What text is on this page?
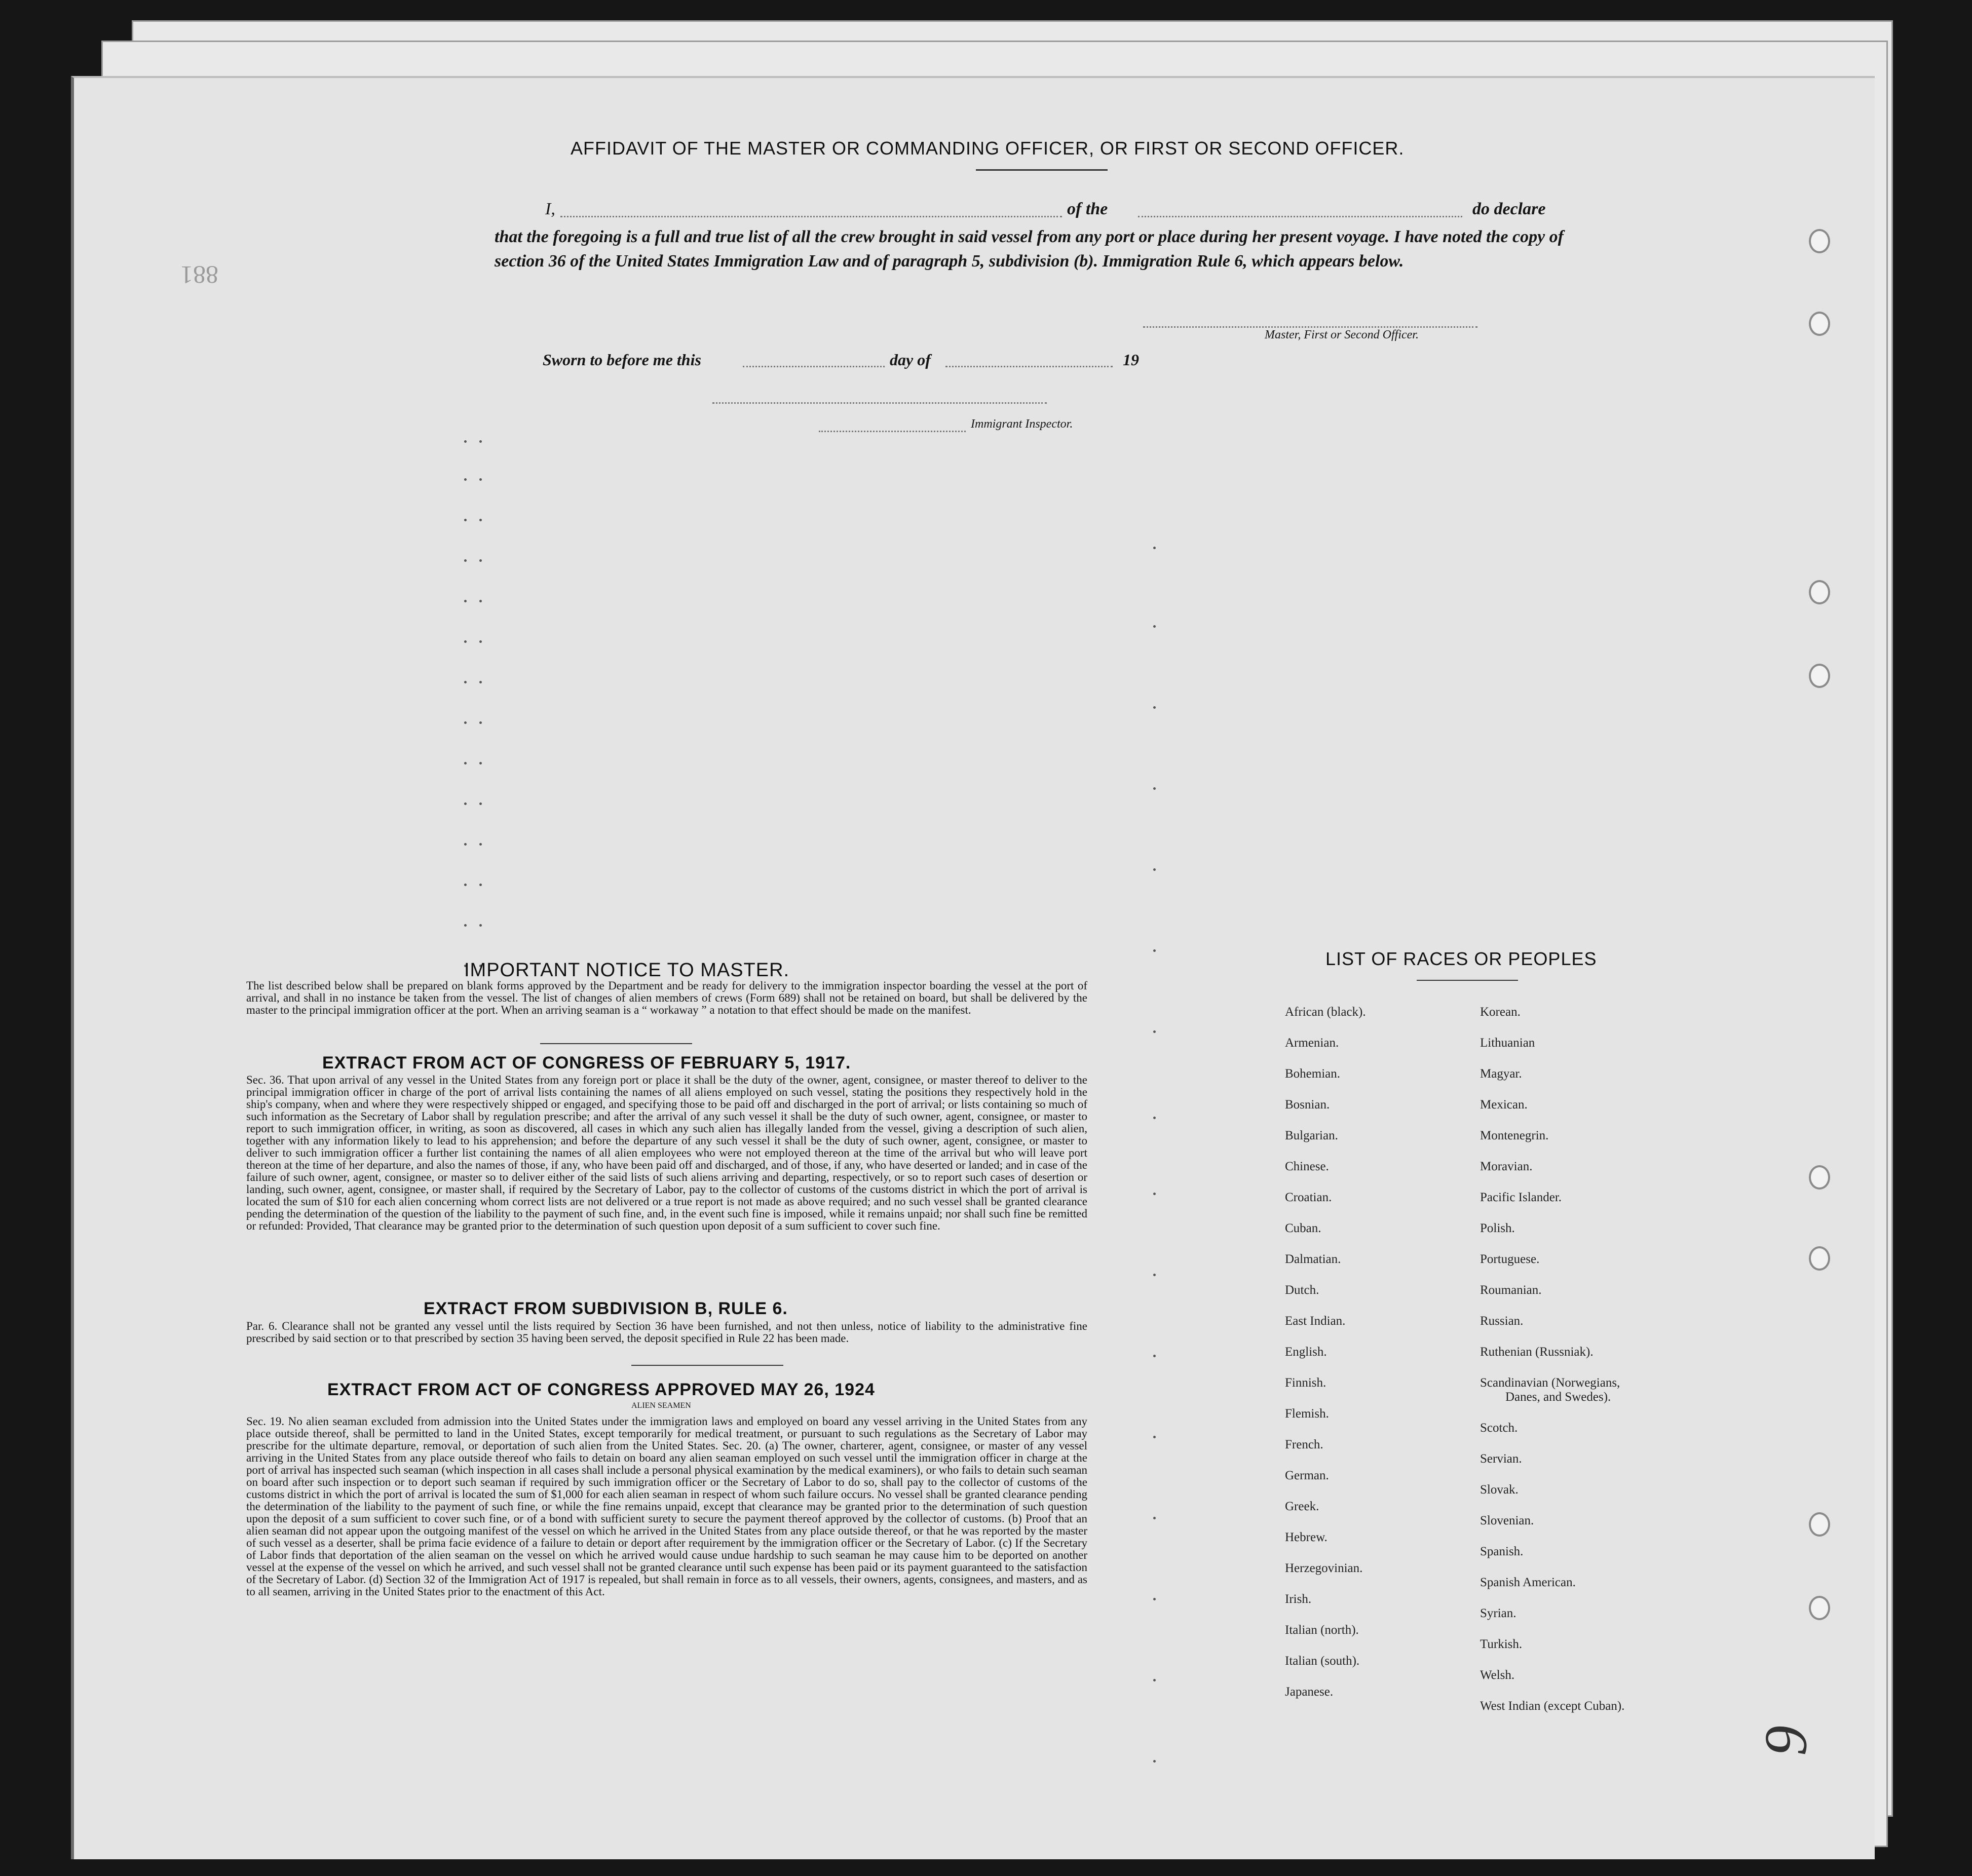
881
AFFIDAVIT OF THE MASTER OR COMMANDING OFFICER, OR FIRST OR SECOND OFFICER.
I,	of the	do declare
that the foregoing is a full and true list of all the crew brought in said vessel from any port or place during her present voyage. I have noted the copy of section 36 of the United States Immigration Law and of paragraph 5, subdivision (b). Immigration Rule 6, which appears below.
Master, First or Second Officer.
Sworn to before me this	day of	19
Immigrant Inspector.
IMPORTANT NOTICE TO MASTER.
The list described below shall be prepared on blank forms approved by the Department and be ready for delivery to the immigration inspector boarding the vessel at the port of arrival, and shall in no instance be taken from the vessel. The list of changes of alien members of crews (Form 689) shall not be retained on board, but shall be delivered by the master to the principal immigration officer at the port. When an arriving seaman is a “ workaway ” a notation to that effect should be made on the manifest.
EXTRACT FROM ACT OF CONGRESS OF FEBRUARY 5, 1917.
Sec. 36. That upon arrival of any vessel in the United States from any foreign port or place it shall be the duty of the owner, agent, consignee, or master thereof to deliver to the principal immigration officer in charge of the port of arrival lists containing the names of all aliens employed on such vessel, stating the positions they respectively hold in the ship's company, when and where they were respectively shipped or engaged, and specifying those to be paid off and discharged in the port of arrival; or lists containing so much of such information as the Secretary of Labor shall by regulation prescribe; and after the arrival of any such vessel it shall be the duty of such owner, agent, consignee, or master to report to such immigration officer, in writing, as soon as discovered, all cases in which any such alien has illegally landed from the vessel, giving a description of such alien, together with any information likely to lead to his apprehension; and before the departure of any such vessel it shall be the duty of such owner, agent, consignee, or master to deliver to such immigration officer a further list containing the names of all alien employees who were not employed thereon at the time of the arrival but who will leave port thereon at the time of her departure, and also the names of those, if any, who have been paid off and discharged, and of those, if any, who have deserted or landed; and in case of the failure of such owner, agent, consignee, or master so to deliver either of the said lists of such aliens arriving and departing, respectively, or so to report such cases of desertion or landing, such owner, agent, consignee, or master shall, if required by the Secretary of Labor, pay to the collector of customs of the customs district in which the port of arrival is located the sum of $10 for each alien concerning whom correct lists are not delivered or a true report is not made as above required; and no such vessel shall be granted clearance pending the determination of the question of the liability to the payment of such fine, and, in the event such fine is imposed, while it remains unpaid; nor shall such fine be remitted or refunded: Provided, That clearance may be granted prior to the determination of such question upon deposit of a sum sufficient to cover such fine.
EXTRACT FROM SUBDIVISION B, RULE 6.
Par. 6. Clearance shall not be granted any vessel until the lists required by Section 36 have been furnished, and not then unless, notice of liability to the administrative fine prescribed by said section or to that prescribed by section 35 having been served, the deposit specified in Rule 22 has been made.
EXTRACT FROM ACT OF CONGRESS APPROVED MAY 26, 1924
ALIEN SEAMEN
Sec. 19. No alien seaman excluded from admission into the United States under the immigration laws and employed on board any vessel arriving in the United States from any place outside thereof, shall be permitted to land in the United States, except temporarily for medical treatment, or pursuant to such regulations as the Secretary of Labor may prescribe for the ultimate departure, removal, or deportation of such alien from the United States. Sec. 20. (a) The owner, charterer, agent, consignee, or master of any vessel arriving in the United States from any place outside thereof who fails to detain on board any alien seaman employed on such vessel until the immigration officer in charge at the port of arrival has inspected such seaman (which inspection in all cases shall include a personal physical examination by the medical examiners), or who fails to detain such seaman on board after such inspection or to deport such seaman if required by such immigration officer or the Secretary of Labor to do so, shall pay to the collector of customs of the customs district in which the port of arrival is located the sum of $1,000 for each alien seaman in respect of whom such failure occurs. No vessel shall be granted clearance pending the determination of the liability to the payment of such fine, or while the fine remains unpaid, except that clearance may be granted prior to the determination of such question upon the deposit of a sum sufficient to cover such fine, or of a bond with sufficient surety to secure the payment thereof approved by the collector of customs. (b) Proof that an alien seaman did not appear upon the outgoing manifest of the vessel on which he arrived in the United States from any place outside thereof, or that he was reported by the master of such vessel as a deserter, shall be prima facie evidence of a failure to detain or deport after requirement by the immigration officer or the Secretary of Labor. (c) If the Secretary of Labor finds that deportation of the alien seaman on the vessel on which he arrived would cause undue hardship to such seaman he may cause him to be deported on another vessel at the expense of the vessel on which he arrived, and such vessel shall not be granted clearance until such expense has been paid or its payment guaranteed to the satisfaction of the Secretary of Labor. (d) Section 32 of the Immigration Act of 1917 is repealed, but shall remain in force as to all vessels, their owners, agents, consignees, and masters, and as to all seamen, arriving in the United States prior to the enactment of this Act.
LIST OF RACES OR PEOPLES
African (black).
Armenian.
Bohemian.
Bosnian.
Bulgarian.
Chinese.
Croatian.
Cuban.
Dalmatian.
Dutch.
East Indian.
English.
Finnish.
Flemish.
French.
German.
Greek.
Hebrew.
Herzegovinian.
Irish.
Italian (north).
Italian (south).
Japanese.
Korean.
Lithuanian
Magyar.
Mexican.
Montenegrin.
Moravian.
Pacific Islander.
Polish.
Portuguese.
Roumanian.
Russian.
Ruthenian (Russniak).
Scandinavian (Norwegians,
Danes, and Swedes).
Scotch.
Servian.
Slovak.
Slovenian.
Spanish.
Spanish American.
Syrian.
Turkish.
Welsh.
West Indian (except Cuban).
6
